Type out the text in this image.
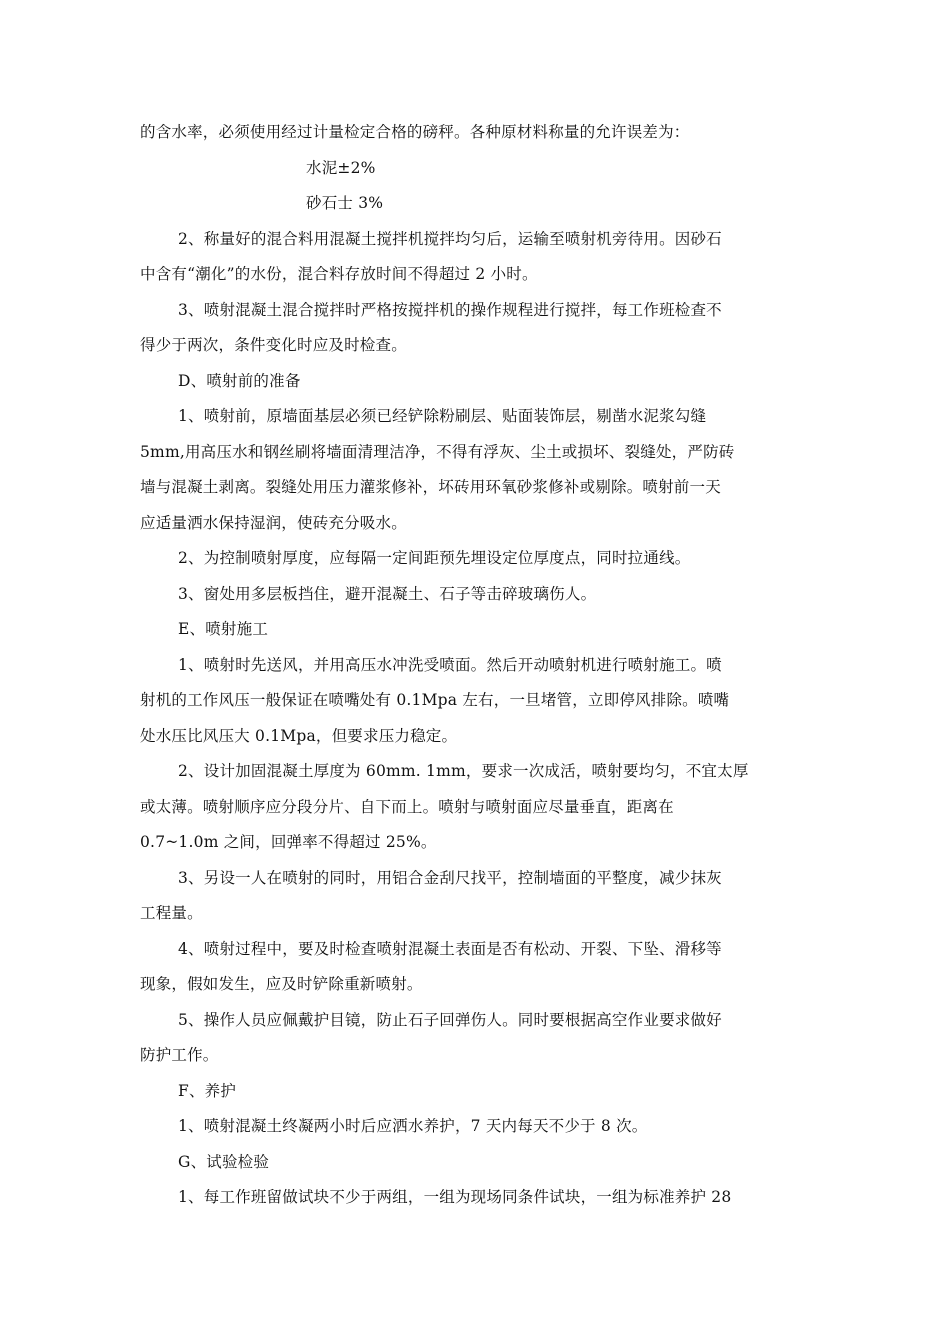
的含水率，必须使用经过计量检定合格的磅秤。各种原材料称量的允许误差为：
水泥±2%
砂石士 3%
2、称量好的混合料用混凝土搅拌机搅拌均匀后，运输至喷射机旁待用。因砂石
中含有“潮化”的水份，混合料存放时间不得超过 2 小时。
3、喷射混凝土混合搅拌时严格按搅拌机的操作规程进行搅拌，每工作班检查不
得少于两次，条件变化时应及时检查。
D、喷射前的准备
1、喷射前，原墙面基层必须已经铲除粉刷层、贴面装饰层，剔凿水泥浆勾缝
5mm,用高压水和钢丝刷将墙面清理洁净，不得有浮灰、尘土或损坏、裂缝处，严防砖
墙与混凝土剥离。裂缝处用压力灌浆修补，坏砖用环氧砂浆修补或剔除。喷射前一天
应适量洒水保持湿润，使砖充分吸水。
2、为控制喷射厚度，应每隔一定间距预先埋设定位厚度点，同时拉通线。
3、窗处用多层板挡住，避开混凝土、石子等击碎玻璃伤人。
E、喷射施工
1、喷射时先送风，并用高压水冲洗受喷面。然后开动喷射机进行喷射施工。喷
射机的工作风压一般保证在喷嘴处有 0.1Mpa 左右，一旦堵管，立即停风排除。喷嘴
处水压比风压大 0.1Mpa，但要求压力稳定。
2、设计加固混凝土厚度为 60mm. 1mm，要求一次成活，喷射要均匀，不宜太厚
或太薄。喷射顺序应分段分片、自下而上。喷射与喷射面应尽量垂直，距离在
0.7~1.0m 之间，回弹率不得超过 25%。
3、另设一人在喷射的同时，用铝合金刮尺找平，控制墙面的平整度，减少抹灰
工程量。
4、喷射过程中，要及时检查喷射混凝土表面是否有松动、开裂、下坠、滑移等
现象，假如发生，应及时铲除重新喷射。
5、操作人员应佩戴护目镜，防止石子回弹伤人。同时要根据高空作业要求做好
防护工作。
F、养护
1、喷射混凝土终凝两小时后应洒水养护，7 天内每天不少于 8 次。
G、试验检验
1、每工作班留做试块不少于两组，一组为现场同条件试块，一组为标准养护 28
